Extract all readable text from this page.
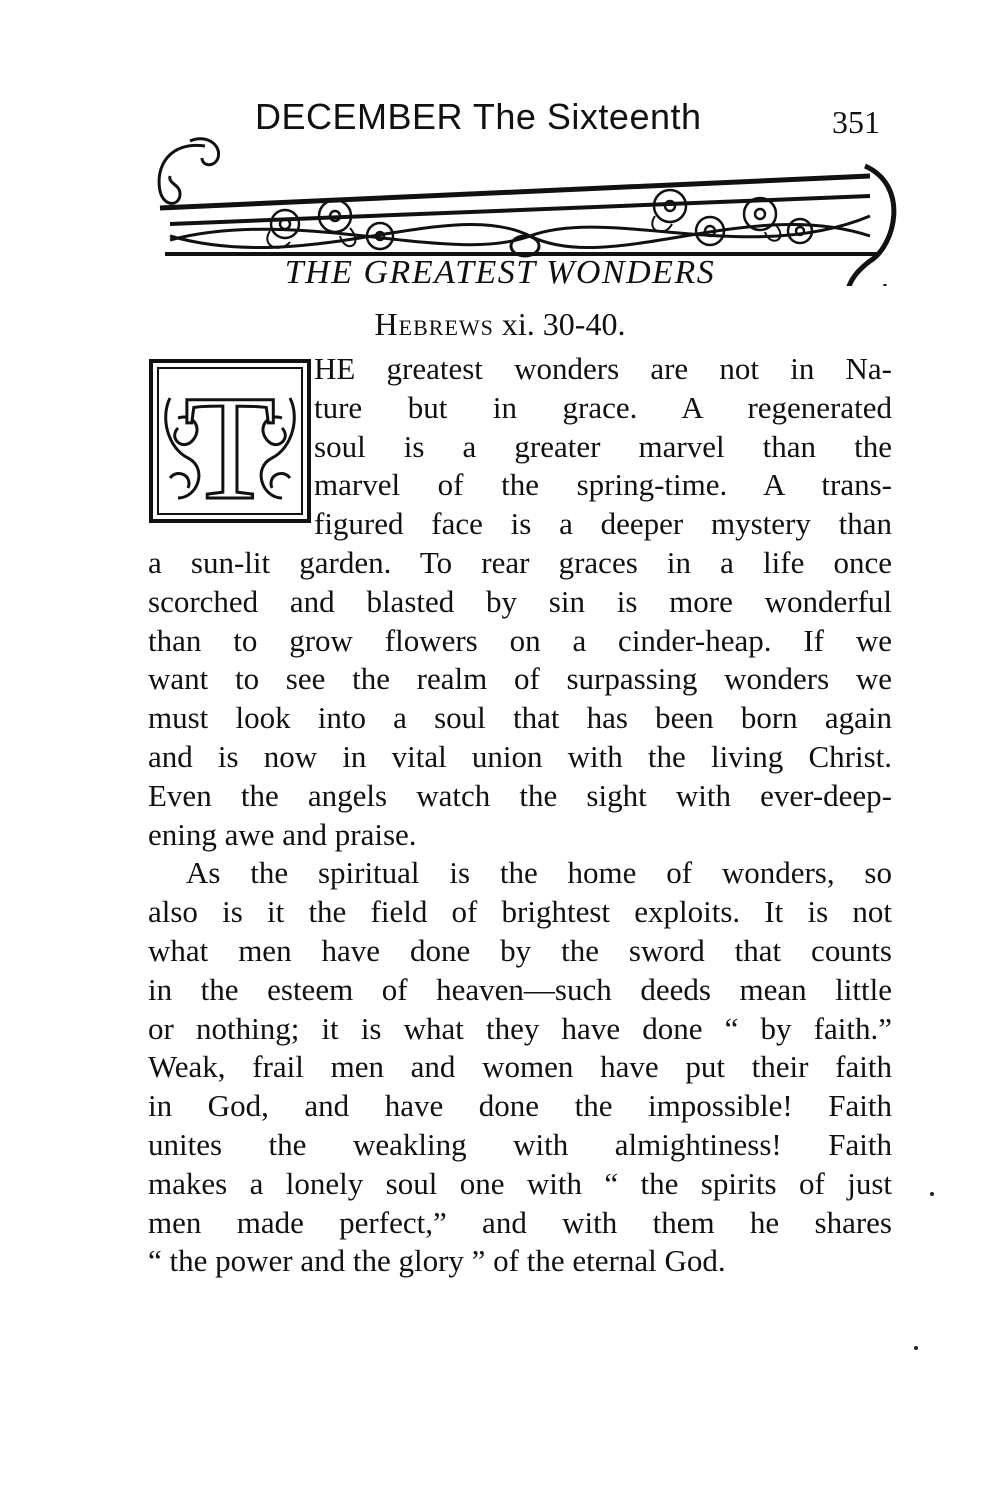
DECEMBER The Sixteenth	351
THE GREATEST WONDERS
Hebrews xi. 30-40.
T HE greatest wonders are not in Na-
ture but in grace. A regenerated
soul is a greater marvel than the
marvel of the spring-time. A trans-
figured face is a deeper mystery than
a sun-lit garden. To rear graces in a life once
scorched and blasted by sin is more wonderful
than to grow flowers on a cinder-heap. If we
want to see the realm of surpassing wonders we
must look into a soul that has been born again
and is now in vital union with the living Christ.
Even the angels watch the sight with ever-deep-
ening awe and praise.
As the spiritual is the home of wonders, so
also is it the field of brightest exploits. It is not
what men have done by the sword that counts
in the esteem of heaven—such deeds mean little
or nothing; it is what they have done “ by faith.”
Weak, frail men and women have put their faith
in God, and have done the impossible! Faith
unites the weakling with almightiness! Faith
makes a lonely soul one with “ the spirits of just
men made perfect,” and with them he shares
“ the power and the glory ” of the eternal God.
